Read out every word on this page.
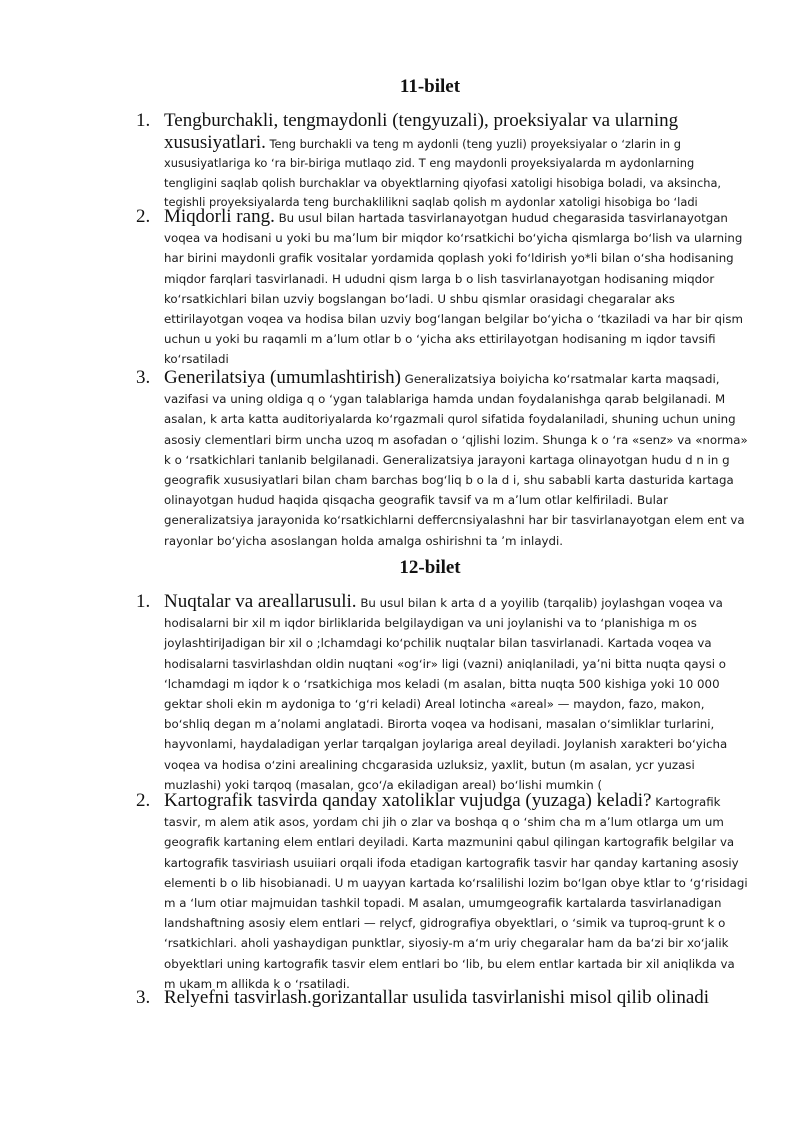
11-bilet
1. Tengburchakli, tengmaydonli (tengyuzali), proeksiyalar va ularning xususiyatlari. Teng burchakli va teng m aydonli (teng yuzli) proyeksiyalar o ʻzlarin in g xususiyatlariga ko ʻra bir-biriga mutlaqo zid. T eng maydonli proyeksiyalarda m aydonlarning tengligini saqlab qolish burchaklar va obyektlarning qiyofasi xatoligi hisobiga boladi, va aksincha, tegishli proyeksiyalarda teng burchaklilikni saqlab qolish m aydonlar xatoligi hisobiga bo ʻladi
2. Miqdorli rang. Bu usul bilan hartada tasvirlanayotgan hudud chegarasida tasvirlanayotgan voqea va hodisani u yoki bu maʼlum bir miqdor koʻrsatkichi boʻyicha qismlarga boʻlish va ularning har birini maydonli grafik vositalar yordamida qoplash yoki foʻldirish yo*li bilan oʻsha hodisaning miqdor farqlari tasvirlanadi. H ududni qism larga b o lish tasvirlanayotgan hodisaning miqdor koʻrsatkichlari bilan uzviy bogslangan boʻladi. U shbu qismlar orasidagi chegaralar aks ettirilayotgan voqea va hodisa bilan uzviy bogʻlangan belgilar boʻyicha o ʻtkaziladi va har bir qism uchun u yoki bu raqamli m aʼlum otlar b o ʻyicha aks ettirilayotgan hodisaning m iqdor tavsifi koʻrsatiladi
3. Generilatsiya (umumlashtirish) Generalizatsiya boiyicha koʻrsatmalar karta maqsadi, vazifasi va uning oldiga q o ʻygan talablariga hamda undan foydalanishga qarab belgilanadi. M asalan, k arta katta auditoriyalarda koʻrgazmali qurol sifatida foydalaniladi, shuning uchun uning asosiy clementlari birm uncha uzoq m asofadan o ʻqjlishi lozim. Shunga k o ʻra «senz» va «norma» k o ʻrsatkichlari tanlanib belgilanadi. Generalizatsiya jarayoni kartaga olinayotgan hudu d n in g geografik xususiyatlari bilan cham barchas bogʻliq b o la d i, shu sababli karta dasturida kartaga olinayotgan hudud haqida qisqacha geografik tavsif va m aʼlum otlar kelfiriladi. Bular generalizatsiya jarayonida koʻrsatkichlarni deffercnsiyalashni har bir tasvirlanayotgan elem ent va rayonlar boʻyicha asoslangan holda amalga oshirishni ta ʼm inlaydi.
12-bilet
1. Nuqtalar va areallarusuli. Bu usul bilan k arta d a yoyilib (tarqalib) joylashgan voqea va hodisalarni bir xil m iqdor birliklarida belgilaydigan va uni joylanishi va to ʻplanishiga m os joylashtiriJadigan bir xil o ;lchamdagi koʻpchilik nuqtalar bilan tasvirlanadi. Kartada voqea va hodisalarni tasvirlashdan oldin nuqtani «ogʻir» ligi (vazni) aniqlaniladi, yaʼni bitta nuqta qaysi o ʻlchamdagi m iqdor k o ʻrsatkichiga mos keladi (m asalan, bitta nuqta 500 kishiga yoki 10 000 gektar sholi ekin m aydoniga to ʻgʻri keladi) Areal lotincha «areal» — maydon, fazo, makon, boʻshliq degan m aʼnolami anglatadi. Birorta voqea va hodisani, masalan oʻsimliklar turlarini, hayvonlami, haydaladigan yerlar tarqalgan joylariga areal deyiladi. Joylanish xarakteri boʻyicha voqea va hodisa oʻzini arealining chcgarasida uzluksiz, yaxlit, butun (m asalan, ycr yuzasi muzlashi) yoki tarqoq (masalan, gcoʻ/a ekiladigan areal) boʻlishi mumkin (
2. Kartografik tasvirda qanday xatoliklar vujudga (yuzaga) keladi? Kartografik tasvir, m alem atik asos, yordam chi jih o zlar va boshqa q o ʻshim cha m aʼlum otlarga um um geografik kartaning elem entlari deyiladi. Karta mazmunini qabul qilingan kartografik belgilar va kartografik tasviriash usuiiari orqali ifoda etadigan kartografik tasvir har qanday kartaning asosiy elementi b o lib hisobianadi. U m uayyan kartada koʻrsalilishi lozim boʻlgan obye ktlar to ʻgʻrisidagi m a ʻlum otiar majmuidan tashkil topadi. M asalan, umumgeografik kartalarda tasvirlanadigan landshaftning asosiy elem entlari — relycf, gidrografiya obyektlari, o ʻsimik va tuproq-grunt k o ʻrsatkichlari. aholi yashaydigan punktlar, siyosiy-m aʻm uriy chegaralar ham da baʻzi bir xoʻjalik obyektlari uning kartografik tasvir elem entlari bo ʻlib, bu elem entlar kartada bir xil aniqlikda va m ukam m allikda k o ʻrsatiladi.
3. Relyefni tasvirlash.gorizantallar usulida tasvirlanishi misol qilib olinadi
